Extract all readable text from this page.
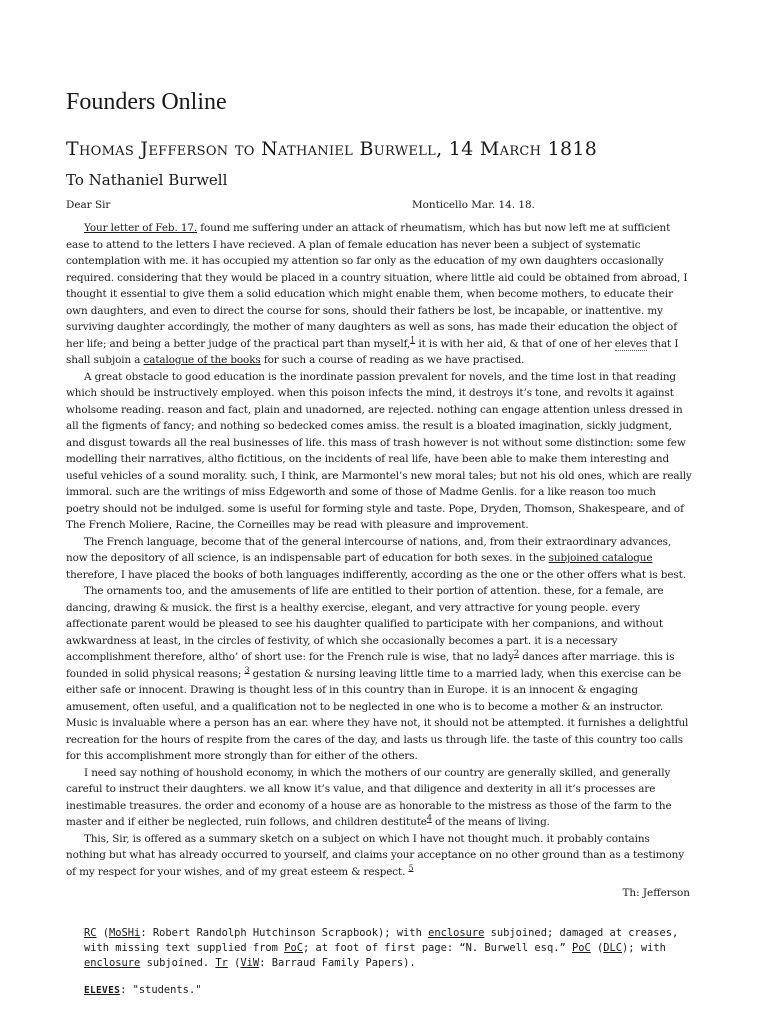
Founders Online
Thomas Jefferson to Nathaniel Burwell, 14 March 1818
To Nathaniel Burwell
Dear Sir	Monticello Mar. 14. 18.

Your letter of Feb. 17. found me suffering under an attack of rheumatism, which has but now left me at sufficient ease to attend to the letters I have recieved. A plan of female education has never been a subject of systematic contemplation with me. it has occupied my attention so far only as the education of my own daughters occasionally required. considering that they would be placed in a country situation, where little aid could be obtained from abroad, I thought it essential to give them a solid education which might enable them, when become mothers, to educate their own daughters, and even to direct the course for sons, should their fathers be lost, be incapable, or inattentive. my surviving daughter accordingly, the mother of many daughters as well as sons, has made their education the object of her life; and being a better judge of the practical part than myself,$^1$ it is with her aid, & that of one of her eleves that I shall subjoin a catalogue of the books for such a course of reading as we have practised.

A great obstacle to good education is the inordinate passion prevalent for novels, and the time lost in that reading which should be instructively employed. when this poison infects the mind, it destroys it’s tone, and revolts it against wholsome reading. reason and fact, plain and unadorned, are rejected. nothing can engage attention unless dressed in all the figments of fancy; and nothing so bedecked comes amiss. the result is a bloated imagination, sickly judgment, and disgust towards all the real businesses of life. this mass of trash however is not without some distinction: some few modelling their narratives, altho fictitious, on the incidents of real life, have been able to make them interesting and useful vehicles of a sound morality. such, I think, are Marmontel’s new moral tales; but not his old ones, which are really immoral. such are the writings of miss Edgeworth and some of those of Madme Genlis. for a like reason too much poetry should not be indulged. some is useful for forming style and taste. Pope, Dryden, Thomson, Shakespeare, and of The French Moliere, Racine, the Corneilles may be read with pleasure and improvement.

The French language, become that of the general intercourse of nations, and, from their extraordinary advances, now the depository of all science, is an indispensable part of education for both sexes. in the subjoined catalogue therefore, I have placed the books of both languages indifferently, according as the one or the other offers what is best.

The ornaments too, and the amusements of life are entitled to their portion of attention. these, for a female, are dancing, drawing & musick. the first is a healthy exercise, elegant, and very attractive for young people. every affectionate parent would be pleased to see his daughter qualified to participate with her companions, and without awkwardness at least, in the circles of festivity, of which she occasionally becomes a part. it is a necessary accomplishment therefore, altho’ of short use: for the French rule is wise, that no lady$^2$ dances after marriage. this is founded in solid physical reasons; $^3$ gestation & nursing leaving little time to a married lady, when this exercise can be either safe or innocent. Drawing is thought less of in this country than in Europe. it is an innocent & engaging amusement, often useful, and a qualification not to be neglected in one who is to become a mother & an instructor. Music is invaluable where a person has an ear. where they have not, it should not be attempted. it furnishes a delightful recreation for the hours of respite from the cares of the day, and lasts us through life. the taste of this country too calls for this accomplishment more strongly than for either of the others.

I need say nothing of houshold economy, in which the mothers of our country are generally skilled, and generally careful to instruct their daughters. we all know it’s value, and that diligence and dexterity in all it’s processes are inestimable treasures. the order and economy of a house are as honorable to the mistress as those of the farm to the master and if either be neglected, ruin follows, and children destitute$^4$ of the means of living.

This, Sir, is offered as a summary sketch on a subject on which I have not thought much. it probably contains nothing but what has already occurred to yourself, and claims your acceptance on no other ground than as a testimony of my respect for your wishes, and of my great esteem & respect. $^5$

Th: Jefferson
RC (MoSHi: Robert Randolph Hutchinson Scrapbook); with enclosure subjoined; damaged at creases, with missing text supplied from PoC; at foot of first page: “N. Burwell esq.” PoC (DLC); with enclosure subjoined. Tr (ViW: Barraud Family Papers).
ELEVES: "students."
